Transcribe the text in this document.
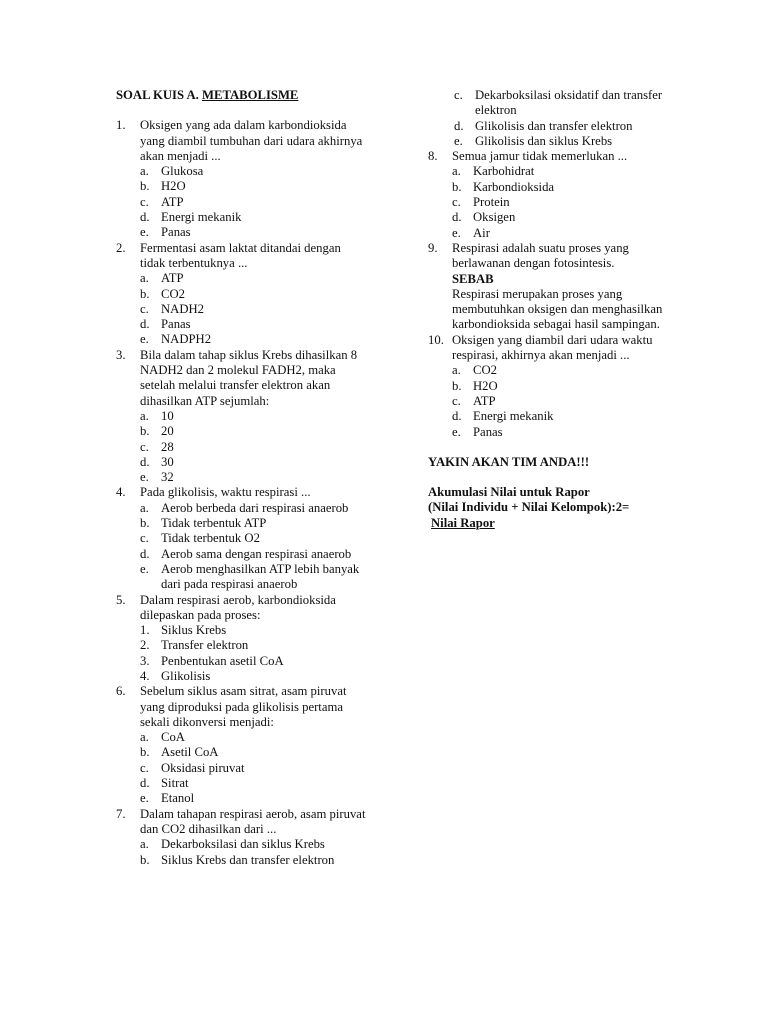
SOAL KUIS A. METABOLISME
1. Oksigen yang ada dalam karbondioksida yang diambil tumbuhan dari udara akhirnya akan menjadi ...
a. Glukosa
b. H2O
c. ATP
d. Energi mekanik
e. Panas
2. Fermentasi asam laktat ditandai dengan tidak terbentuknya ...
a. ATP
b. CO2
c. NADH2
d. Panas
e. NADPH2
3. Bila dalam tahap siklus Krebs dihasilkan 8 NADH2 dan 2 molekul FADH2, maka setelah melalui transfer elektron akan dihasilkan ATP sejumlah:
a. 10
b. 20
c. 28
d. 30
e. 32
4. Pada glikolisis, waktu respirasi ...
a. Aerob berbeda dari respirasi anaerob
b. Tidak terbentuk ATP
c. Tidak terbentuk O2
d. Aerob sama dengan respirasi anaerob
e. Aerob menghasilkan ATP lebih banyak dari pada respirasi anaerob
5. Dalam respirasi aerob, karbondioksida dilepaskan pada proses:
1. Siklus Krebs
2. Transfer elektron
3. Penbentukan asetil CoA
4. Glikolisis
6. Sebelum siklus asam sitrat, asam piruvat yang diproduksi pada glikolisis pertama sekali dikonversi menjadi:
a. CoA
b. Asetil CoA
c. Oksidasi piruvat
d. Sitrat
e. Etanol
7. Dalam tahapan respirasi aerob, asam piruvat dan CO2 dihasilkan dari ...
a. Dekarboksilasi dan siklus Krebs
b. Siklus Krebs dan transfer elektron
c. Dekarboksilasi oksidatif dan transfer elektron
d. Glikolisis dan transfer elektron
e. Glikolisis dan siklus Krebs
8. Semua jamur tidak memerlukan ...
a. Karbohidrat
b. Karbondioksida
c. Protein
d. Oksigen
e. Air
9. Respirasi adalah suatu proses yang berlawanan dengan fotosintesis.
SEBAB
Respirasi merupakan proses yang membutuhkan oksigen dan menghasilkan karbondioksida sebagai hasil sampingan.
10. Oksigen yang diambil dari udara waktu respirasi, akhirnya akan menjadi ...
a. CO2
b. H2O
c. ATP
d. Energi mekanik
e. Panas
YAKIN AKAN TIM ANDA!!!
Akumulasi Nilai untuk Rapor
(Nilai Individu + Nilai Kelompok):2=
Nilai Rapor
